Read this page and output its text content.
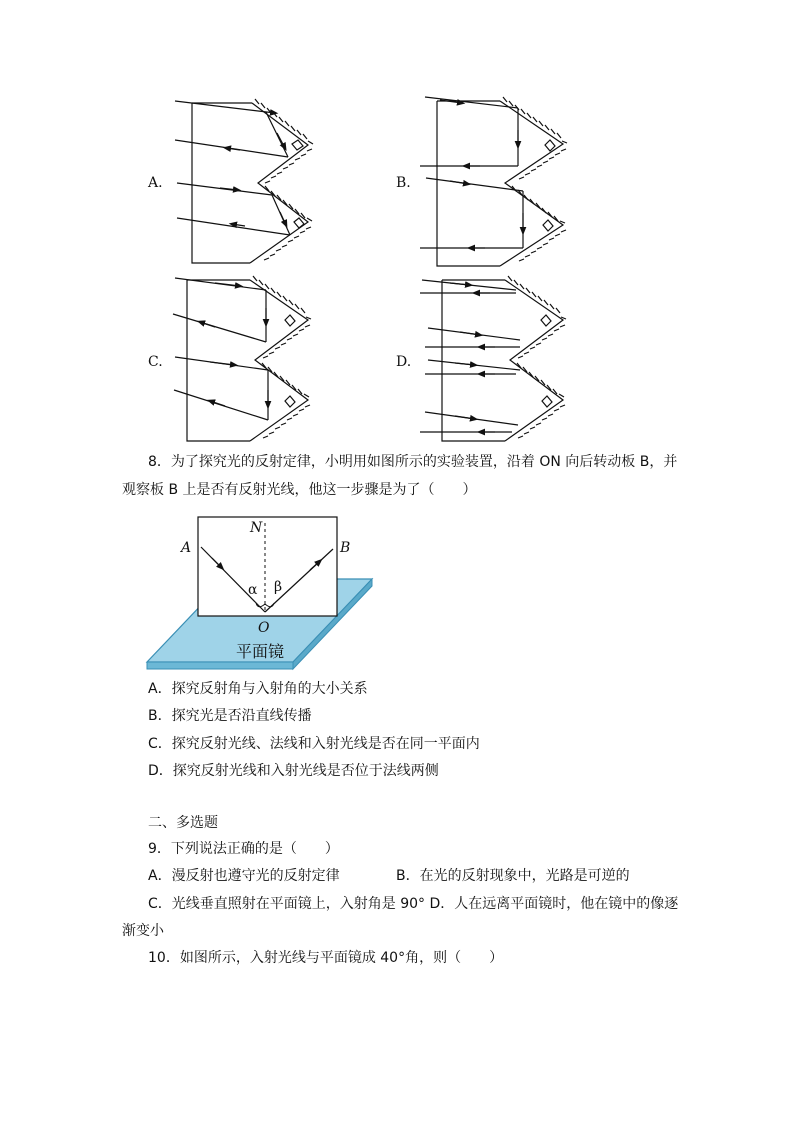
A.	B.
C.	D.
8．为了探究光的反射定律，小明用如图所示的实验装置，沿着 ON 向后转动板 B，并
观察板 B 上是否有反射光线，他这一步骤是为了（　　）
N
A	B
α β
O
平面镜
A．探究反射角与入射角的大小关系
B．探究光是否沿直线传播
C．探究反射光线、法线和入射光线是否在同一平面内
D．探究反射光线和入射光线是否位于法线两侧
二、多选题
9．下列说法正确的是（　　）
A．漫反射也遵守光的反射定律	B．在光的反射现象中，光路是可逆的
C．光线垂直照射在平面镜上，入射角是 90° D．人在远离平面镜时，他在镜中的像逐
渐变小
10．如图所示，入射光线与平面镜成 40°角，则（　　）
